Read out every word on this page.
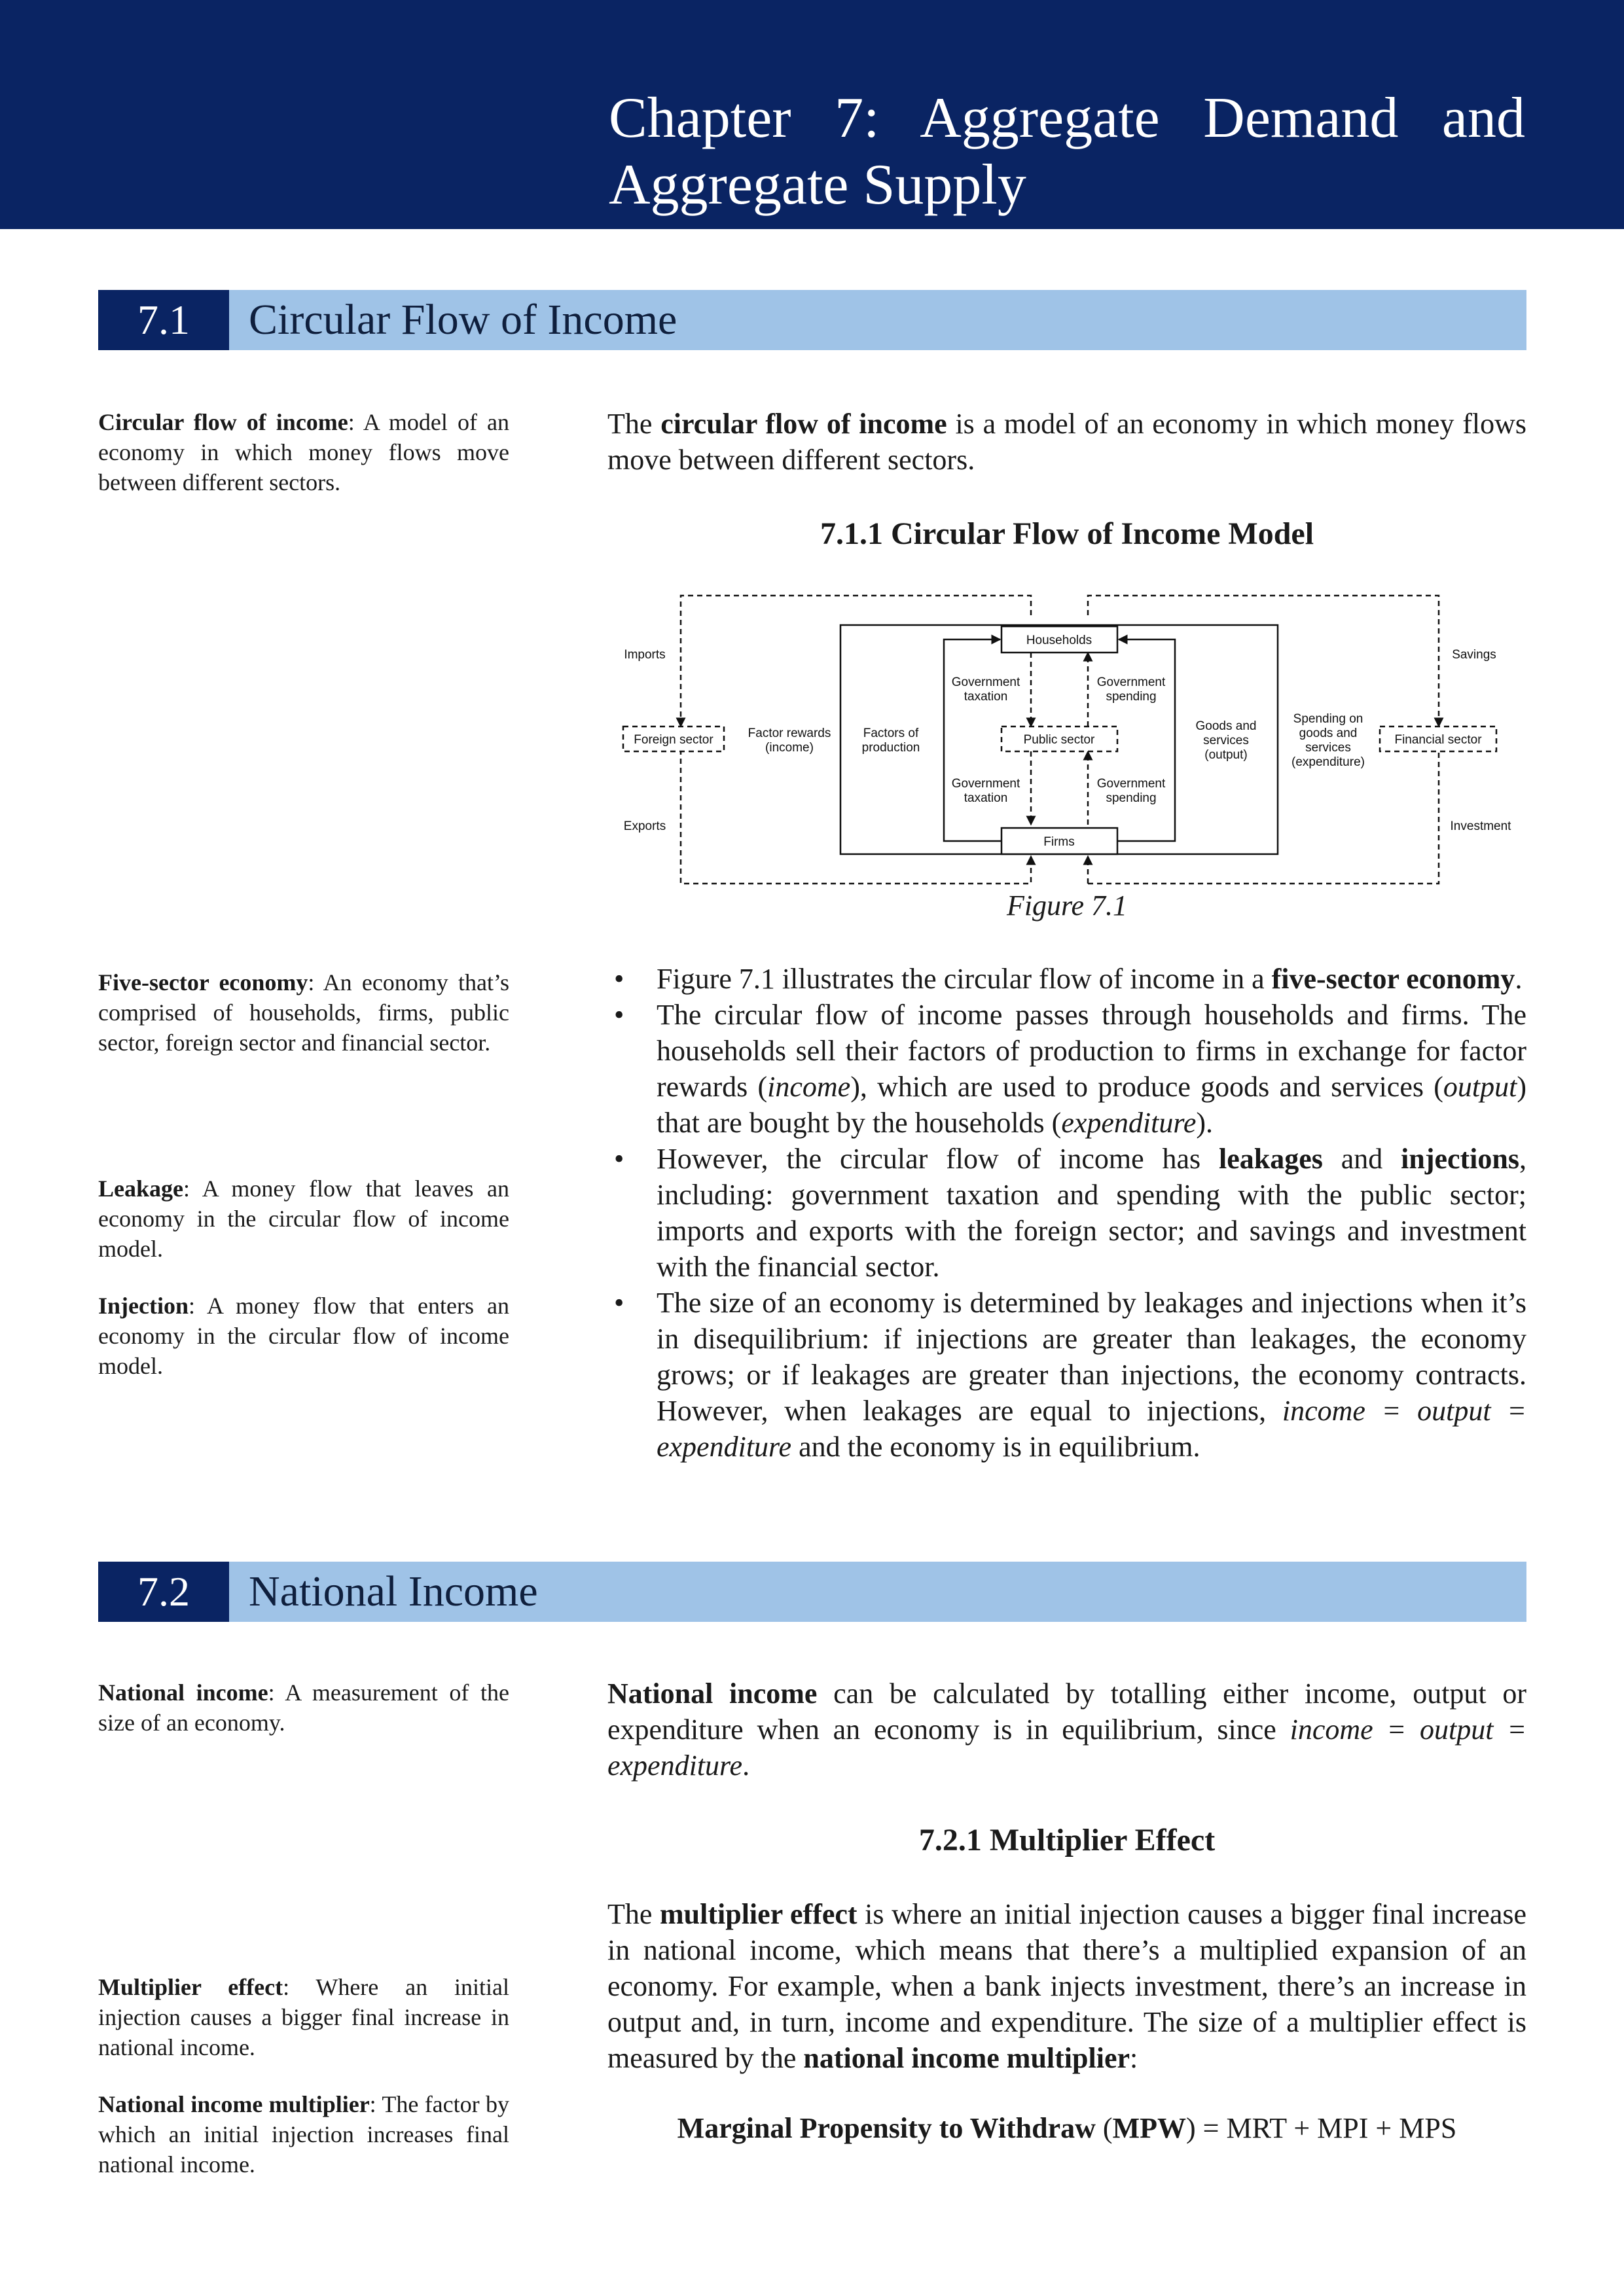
Chapter 7: Aggregate Demand and Aggregate Supply
7.1	Circular Flow of Income

Circular flow of income: A model of an economy in which money flows move between different sectors.

Five-sector economy: An economy that’s comprised of households, firms, public sector, foreign sector and financial sector.

Leakage: A money flow that leaves an economy in the circular flow of income model.

Injection: A money flow that enters an economy in the circular flow of income model.

The circular flow of income is a model of an economy in which money flows move between different sectors.

7.1.1 Circular Flow of Income Model
Households
Firms
Public sector
Foreign sector	Financial sector
Imports
Exports
Savings
Investment
Factor rewards
(income)
Factors of
production
Government
taxation
Government
spending
Government
taxation
Government
spending
Goods and
services
(output)
Spending on
goods and
services
(expenditure)
Figure 7.1
• Figure 7.1 illustrates the circular flow of income in a five-sector economy.
• The circular flow of income passes through households and firms. The households sell their factors of production to firms in exchange for factor rewards (income), which are used to produce goods and services (output) that are bought by the households (expenditure).
• However, the circular flow of income has leakages and injections, including: government taxation and spending with the public sector; imports and exports with the foreign sector; and savings and investment with the financial sector.
• The size of an economy is determined by leakages and injections when it’s in disequilibrium: if injections are greater than leakages, the economy grows; or if leakages are greater than injections, the economy contracts. However, when leakages are equal to injections, income = output = expenditure and the economy is in equilibrium.
7.2	National Income

National income: A measurement of the size of an economy.

Multiplier effect: Where an initial injection causes a bigger final increase in national income.

National income multiplier: The factor by which an initial injection increases final national income.

National income can be calculated by totalling either income, output or expenditure when an economy is in equilibrium, since income = output = expenditure.

7.2.1 Multiplier Effect

The multiplier effect is where an initial injection causes a bigger final increase in national income, which means that there’s a multiplied expansion of an economy. For example, when a bank injects investment, there’s an increase in output and, in turn, income and expenditure. The size of a multiplier effect is measured by the national income multiplier:

Marginal Propensity to Withdraw (MPW) = MRT + MPI + MPS
